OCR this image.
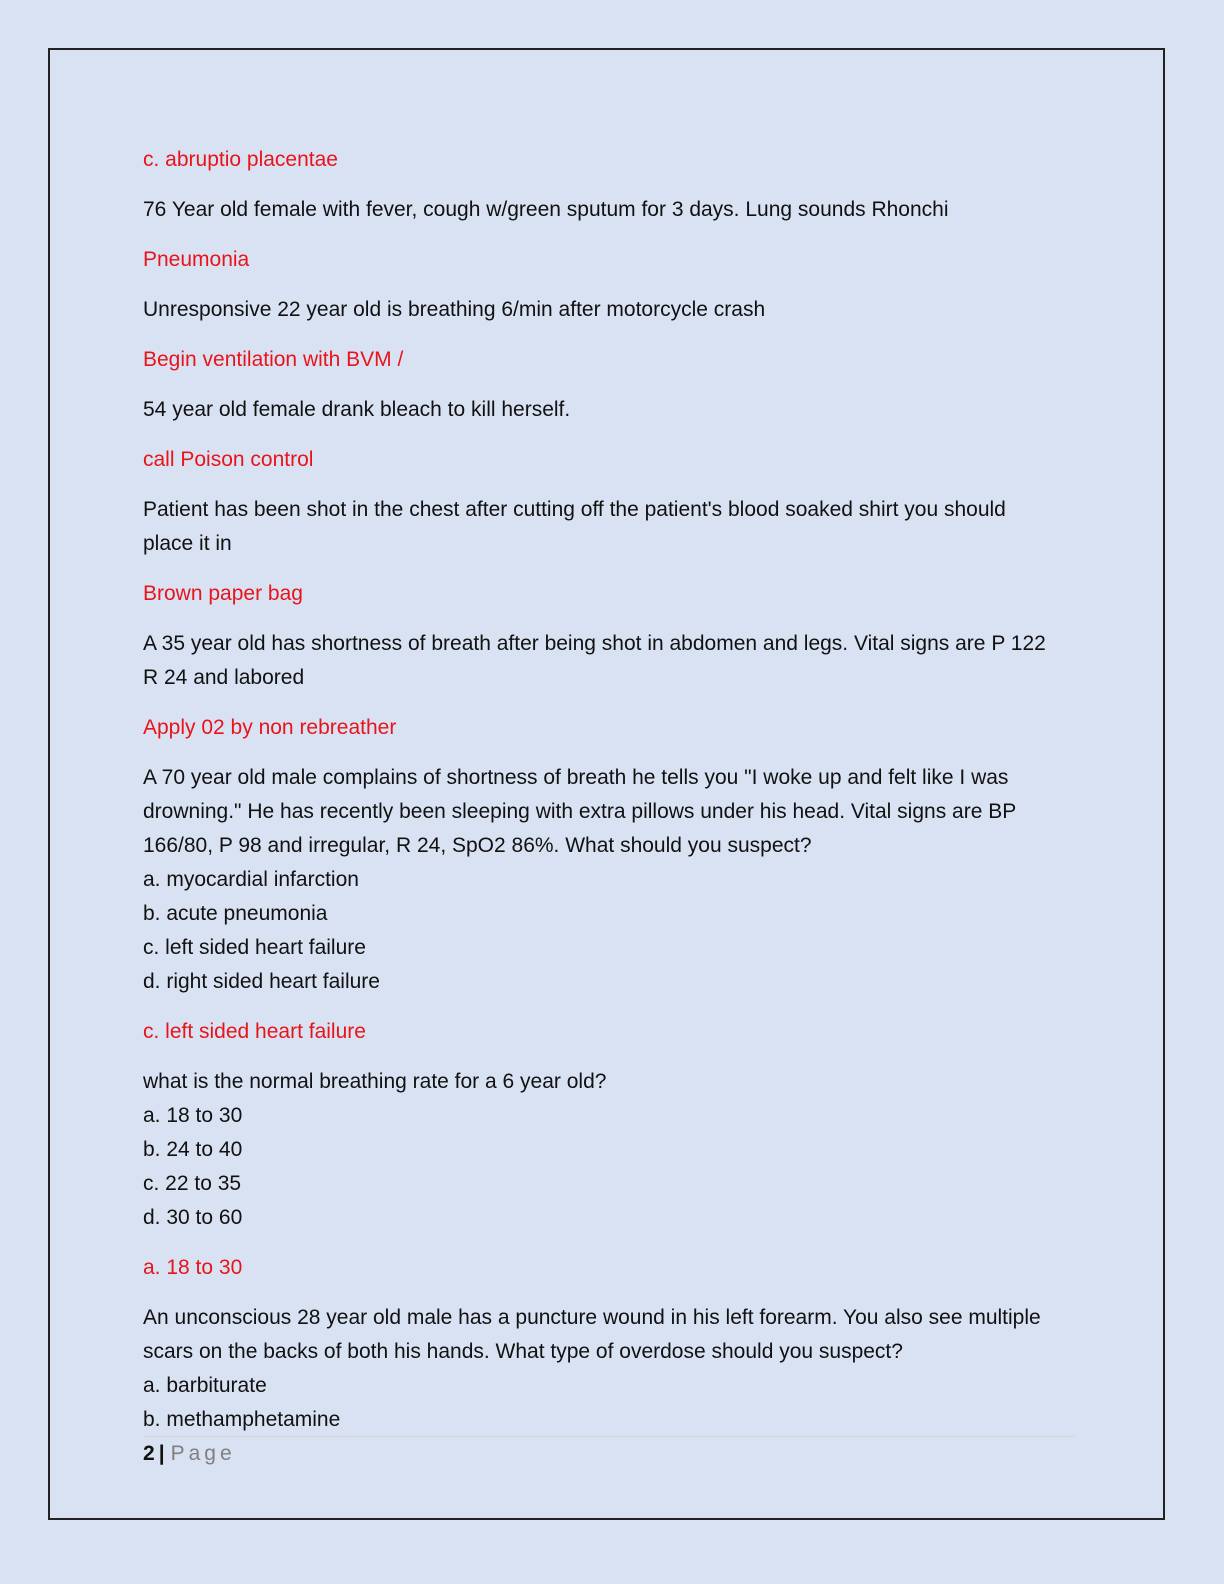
c. abruptio placentae
76 Year old female with fever, cough w/green sputum for 3 days. Lung sounds Rhonchi
Pneumonia
Unresponsive 22 year old is breathing 6/min after motorcycle crash
Begin ventilation with BVM /
54 year old female drank bleach to kill herself.
call Poison control
Patient has been shot in the chest after cutting off the patient's blood soaked shirt you should
place it in
Brown paper bag
A 35 year old has shortness of breath after being shot in abdomen and legs. Vital signs are P 122
R 24 and labored
Apply 02 by non rebreather
A 70 year old male complains of shortness of breath he tells you "I woke up and felt like I was
drowning." He has recently been sleeping with extra pillows under his head. Vital signs are BP
166/80, P 98 and irregular, R 24, SpO2 86%. What should you suspect?
a. myocardial infarction
b. acute pneumonia
c. left sided heart failure
d. right sided heart failure
c. left sided heart failure
what is the normal breathing rate for a 6 year old?
a. 18 to 30
b. 24 to 40
c. 22 to 35
d. 30 to 60
a. 18 to 30
An unconscious 28 year old male has a puncture wound in his left forearm. You also see multiple
scars on the backs of both his hands. What type of overdose should you suspect?
a. barbiturate
b. methamphetamine
2 | Page
